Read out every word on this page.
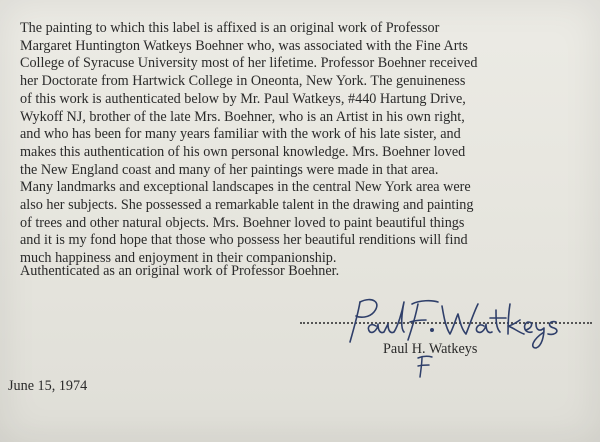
The painting to which this label is affixed is an original work of Professor
Margaret Huntington Watkeys Boehner who, was associated with the Fine Arts
College of Syracuse University most of her lifetime. Professor Boehner received
her Doctorate from Hartwick College in Oneonta, New York. The genuineness
of this work is authenticated below by Mr. Paul Watkeys, #440 Hartung Drive,
Wykoff NJ, brother of the late Mrs. Boehner, who is an Artist in his own right,
and who has been for many years familiar with the work of his late sister, and
makes this authentication of his own personal knowledge. Mrs. Boehner loved
the New England coast and many of her paintings were made in that area.
Many landmarks and exceptional landscapes in the central New York area were
also her subjects. She possessed a remarkable talent in the drawing and painting
of trees and other natural objects. Mrs. Boehner loved to paint beautiful things
and it is my fond hope that those who possess her beautiful renditions will find
much happiness and enjoyment in their companionship.

Authenticated as an original work of Professor Boehner.

Paul H. Watkeys

June 15, 1974
